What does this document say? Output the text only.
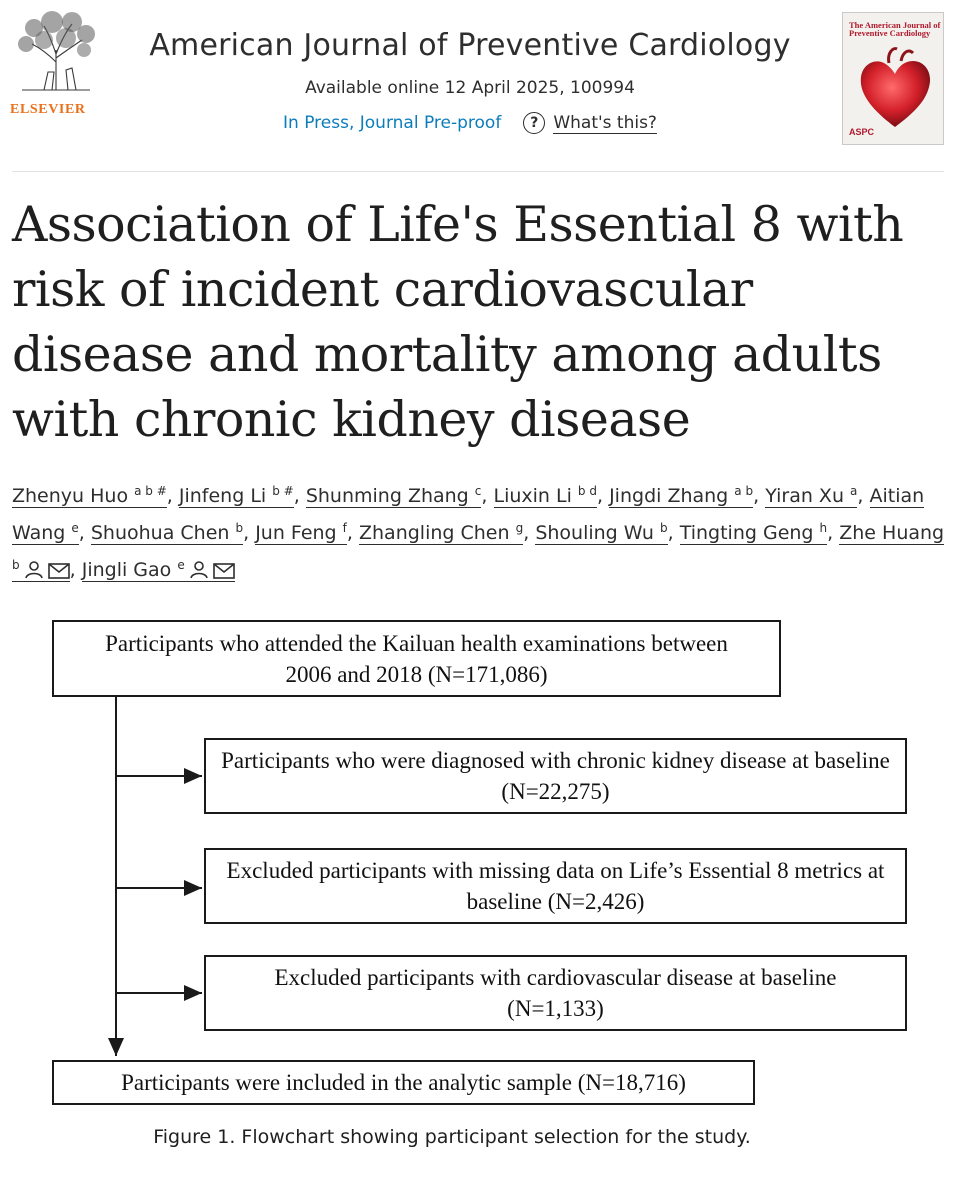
ELSEVIER
American Journal of Preventive Cardiology
Available online 12 April 2025, 100994
In Press, Journal Pre-proof ? What's this?
The American Journal of Preventive Cardiology
ASPC
Association of Life's Essential 8 with risk of incident cardiovascular disease and mortality among adults with chronic kidney disease
Zhenyu Huo $^{a b \#}$, Jinfeng Li $^{b \#}$, Shunming Zhang $^c$, Liuxin Li $^{b d}$, Jingdi Zhang $^{a b}$, Yiran Xu $^a$, Aitian Wang $^e$, Shuohua Chen $^b$, Jun Feng $^f$, Zhangling Chen $^g$, Shouling Wu $^b$, Tingting Geng $^h$, Zhe Huang $^b$	, Jingli Gao $^e$
Participants who attended the Kailuan health examinations between 2006 and 2018 (N=171,086)
Participants who were diagnosed with chronic kidney disease at baseline (N=22,275)
Excluded participants with missing data on Life’s Essential 8 metrics at baseline (N=2,426)
Excluded participants with cardiovascular disease at baseline (N=1,133)
Participants were included in the analytic sample (N=18,716)
Figure 1. Flowchart showing participant selection for the study.
